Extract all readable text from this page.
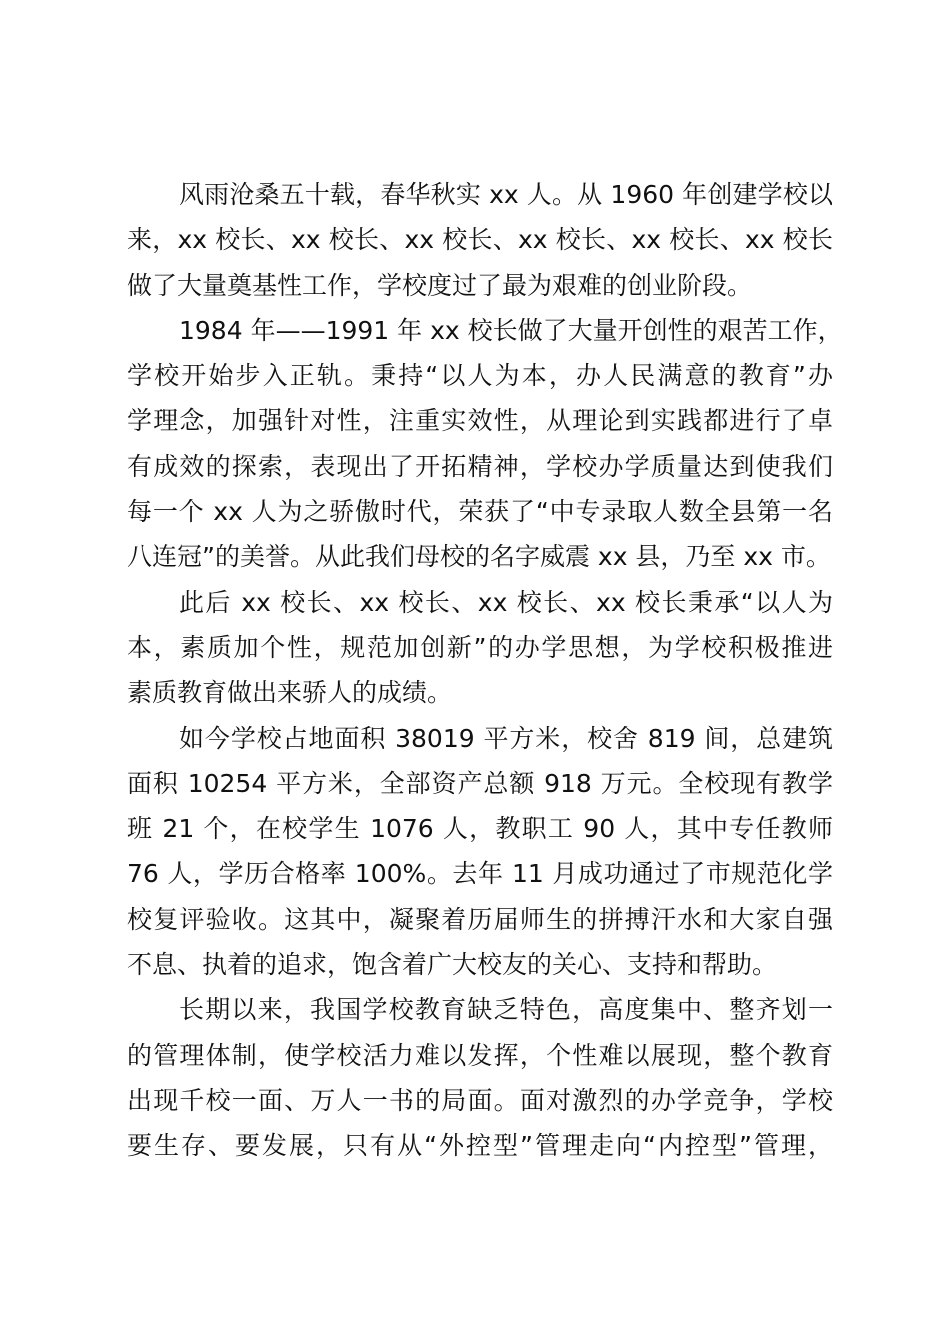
风雨沧桑五十载，春华秋实 xx 人。从 1960 年创建学校以
来，xx 校长、xx 校长、xx 校长、xx 校长、xx 校长、xx 校长
做了大量奠基性工作，学校度过了最为艰难的创业阶段。
1984 年——1991 年 xx 校长做了大量开创性的艰苦工作，
学校开始步入正轨。秉持“以人为本，办人民满意的教育”办
学理念，加强针对性，注重实效性，从理论到实践都进行了卓
有成效的探索，表现出了开拓精神，学校办学质量达到使我们
每一个 xx 人为之骄傲时代，荣获了“中专录取人数全县第一名
八连冠”的美誉。从此我们母校的名字威震 xx 县，乃至 xx 市。
此后 xx 校长、xx 校长、xx 校长、xx 校长秉承“以人为
本，素质加个性，规范加创新”的办学思想，为学校积极推进
素质教育做出来骄人的成绩。
如今学校占地面积 38019 平方米，校舍 819 间，总建筑
面积 10254 平方米，全部资产总额 918 万元。全校现有教学
班 21 个，在校学生 1076 人，教职工 90 人，其中专任教师
76 人，学历合格率 100%。去年 11 月成功通过了市规范化学
校复评验收。这其中，凝聚着历届师生的拼搏汗水和大家自强
不息、执着的追求，饱含着广大校友的关心、支持和帮助。
长期以来，我国学校教育缺乏特色，高度集中、整齐划一
的管理体制，使学校活力难以发挥，个性难以展现，整个教育
出现千校一面、万人一书的局面。面对激烈的办学竞争，学校
要生存、要发展，只有从“外控型”管理走向“内控型”管理，
